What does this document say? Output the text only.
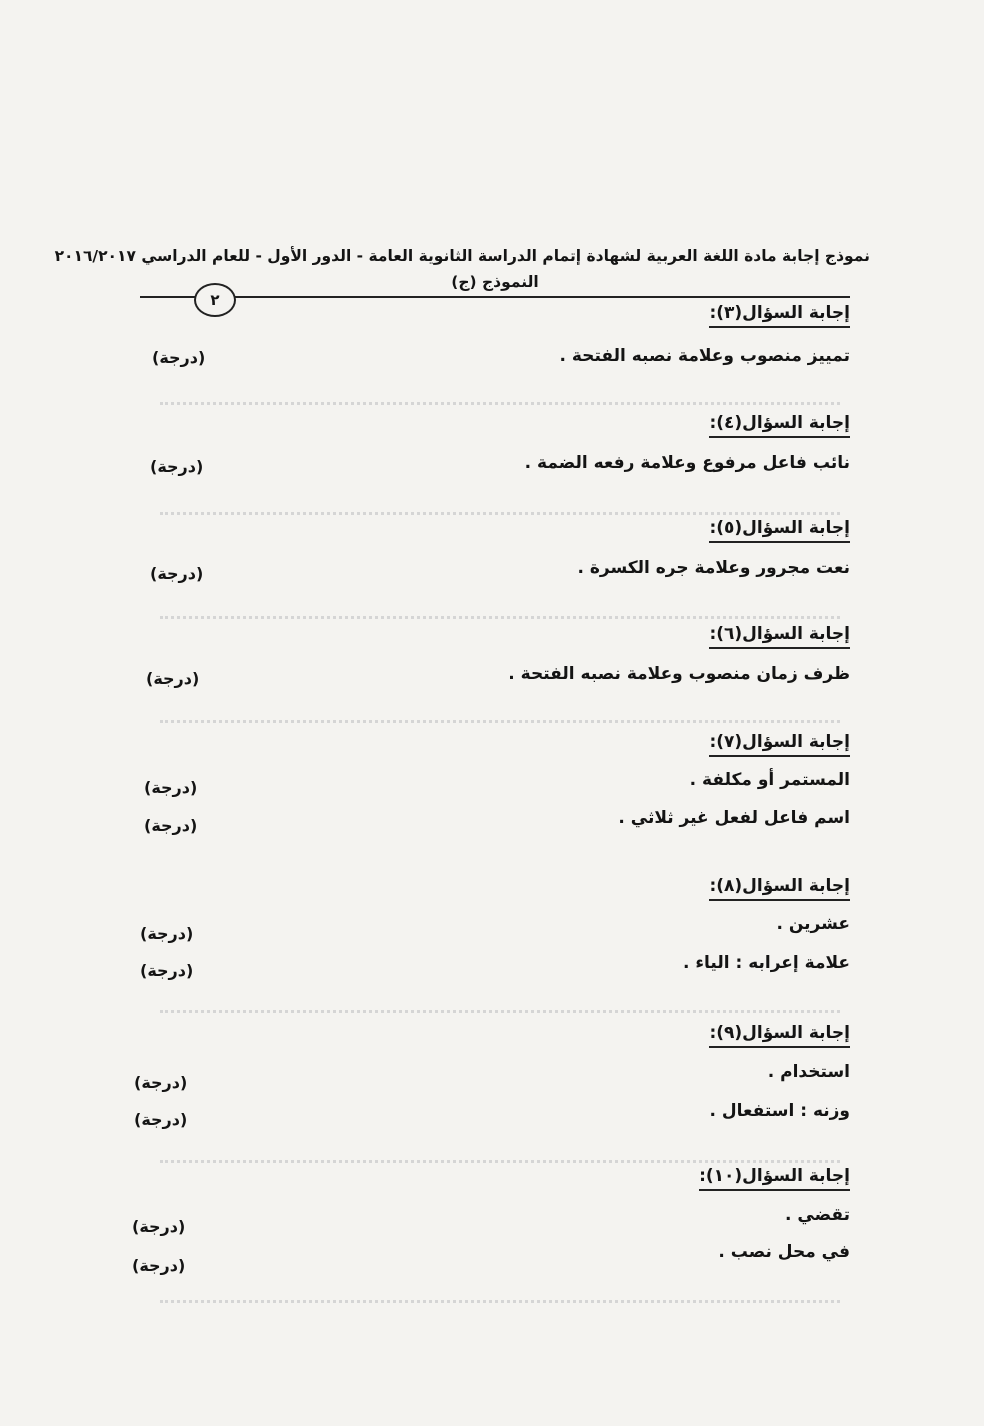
نموذج إجابة مادة اللغة العربية لشهادة إتمام الدراسة الثانوية العامة - الدور الأول - للعام الدراسي ٢٠١٦/٢٠١٧
النموذج (ج)
٢
إجابة السؤال(٣):
تمييز منصوب وعلامة نصبه الفتحة .
(درجة)
إجابة السؤال(٤):
نائب فاعل مرفوع وعلامة رفعه الضمة .
(درجة)
إجابة السؤال(٥):
نعت مجرور وعلامة جره الكسرة .
(درجة)
إجابة السؤال(٦):
ظرف زمان منصوب وعلامة نصبه الفتحة .
(درجة)
إجابة السؤال(٧):
المستمر أو مكلفة .
(درجة)
اسم فاعل لفعل غير ثلاثي .
(درجة)
إجابة السؤال(٨):
عشرين .
(درجة)
علامة إعرابه : الياء .
(درجة)
إجابة السؤال(٩):
استخدام .
(درجة)
وزنه : استفعال .
(درجة)
إجابة السؤال(١٠):
تقضي .
(درجة)
في محل نصب .
(درجة)
